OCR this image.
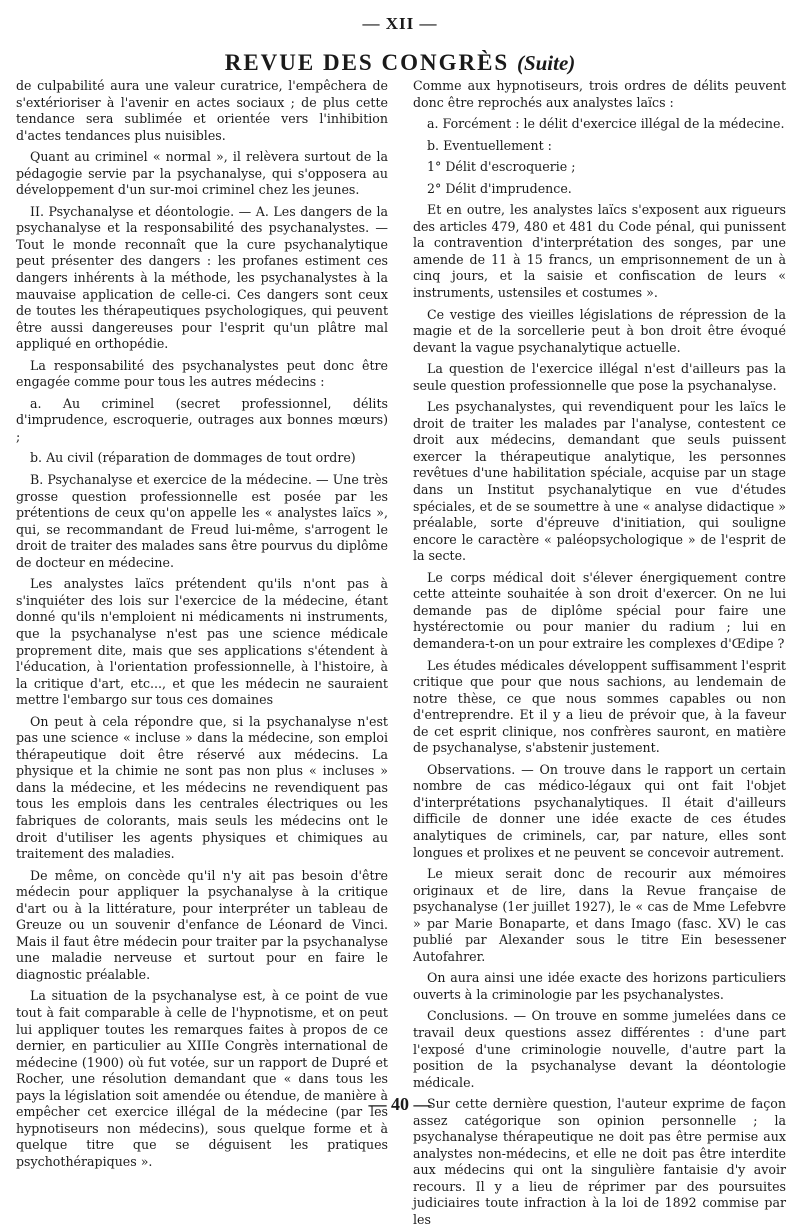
— XII —
REVUE DES CONGRÈS (Suite)

de culpabilité aura une valeur curatrice, l'empêchera de s'extérioriser à l'avenir en actes sociaux ; de plus cette tendance sera sublimée et orientée vers l'inhibition d'actes tendances plus nuisibles.

Quant au criminel « normal », il relèvera surtout de la pédagogie servie par la psychanalyse, qui s'opposera au développement d'un sur-moi criminel chez les jeunes.

II. Psychanalyse et déontologie. — A. Les dangers de la psychanalyse et la responsabilité des psychanalystes. — Tout le monde reconnaît que la cure psychanalytique peut présenter des dangers : les profanes estiment ces dangers inhérents à la méthode, les psychanalystes à la mauvaise application de celle-ci. Ces dangers sont ceux de toutes les thérapeutiques psychologiques, qui peuvent être aussi dangereuses pour l'esprit qu'un plâtre mal appliqué en orthopédie.

La responsabilité des psychanalystes peut donc être engagée comme pour tous les autres médecins :

a. Au criminel (secret professionnel, délits d'imprudence, escroquerie, outrages aux bonnes mœurs) ;

b. Au civil (réparation de dommages de tout ordre)

B. Psychanalyse et exercice de la médecine. — Une très grosse question professionnelle est posée par les prétentions de ceux qu'on appelle les « analystes laïcs », qui, se recommandant de Freud lui-même, s'arrogent le droit de traiter des malades sans être pourvus du diplôme de docteur en médecine.

Les analystes laïcs prétendent qu'ils n'ont pas à s'inquiéter des lois sur l'exercice de la médecine, étant donné qu'ils n'emploient ni médicaments ni instruments, que la psychanalyse n'est pas une science médicale proprement dite, mais que ses applications s'étendent à l'éducation, à l'orientation professionnelle, à l'histoire, à la critique d'art, etc..., et que les médecin ne sauraient mettre l'embargo sur tous ces domaines

On peut à cela répondre que, si la psychanalyse n'est pas une science « incluse » dans la médecine, son emploi thérapeutique doit être réservé aux médecins. La physique et la chimie ne sont pas non plus « incluses » dans la médecine, et les médecins ne revendiquent pas tous les emplois dans les centrales électriques ou les fabriques de colorants, mais seuls les médecins ont le droit d'utiliser les agents physiques et chimiques au traitement des maladies.

De même, on concède qu'il n'y ait pas besoin d'être médecin pour appliquer la psychanalyse à la critique d'art ou à la littérature, pour interpréter un tableau de Greuze ou un souvenir d'enfance de Léonard de Vinci. Mais il faut être médecin pour traiter par la psychanalyse une maladie nerveuse et surtout pour en faire le diagnostic préalable.

La situation de la psychanalyse est, à ce point de vue tout à fait comparable à celle de l'hypnotisme, et on peut lui appliquer toutes les remarques faites à propos de ce dernier, en particulier au XIIIe Congrès international de médecine (1900) où fut votée, sur un rapport de Dupré et Rocher, une résolution demandant que « dans tous les pays la législation soit amendée ou étendue, de manière à empêcher cet exercice illégal de la médecine (par les hypnotiseurs non médecins), sous quelque forme et à quelque titre que se déguisent les pratiques psychothérapiques ».

Comme aux hypnotiseurs, trois ordres de délits peuvent donc être reprochés aux analystes laïcs :

a. Forcément : le délit d'exercice illégal de la médecine.

b. Eventuellement :

1° Délit d'escroquerie ;

2° Délit d'imprudence.

Et en outre, les analystes laïcs s'exposent aux rigueurs des articles 479, 480 et 481 du Code pénal, qui punissent la contravention d'interprétation des songes, par une amende de 11 à 15 francs, un emprisonnement de un à cinq jours, et la saisie et confiscation de leurs « instruments, ustensiles et costumes ».

Ce vestige des vieilles législations de répression de la magie et de la sorcellerie peut à bon droit être évoqué devant la vague psychanalytique actuelle.

La question de l'exercice illégal n'est d'ailleurs pas la seule question professionnelle que pose la psychanalyse.

Les psychanalystes, qui revendiquent pour les laïcs le droit de traiter les malades par l'analyse, contestent ce droit aux médecins, demandant que seuls puissent exercer la thérapeutique analytique, les personnes revêtues d'une habilitation spéciale, acquise par un stage dans un Institut psychanalytique en vue d'études spéciales, et de se soumettre à une « analyse didactique » préalable, sorte d'épreuve d'initiation, qui souligne encore le caractère « paléopsychologique » de l'esprit de la secte.

Le corps médical doit s'élever énergiquement contre cette atteinte souhaitée à son droit d'exercer. On ne lui demande pas de diplôme spécial pour faire une hystérectomie ou pour manier du radium ; lui en demandera-t-on un pour extraire les complexes d'Œdipe ?

Les études médicales développent suffisamment l'esprit critique que pour que nous sachions, au lendemain de notre thèse, ce que nous sommes capables ou non d'entreprendre. Et il y a lieu de prévoir que, à la faveur de cet esprit clinique, nos confrères sauront, en matière de psychanalyse, s'abstenir justement.

Observations. — On trouve dans le rapport un certain nombre de cas médico-légaux qui ont fait l'objet d'interprétations psychanalytiques. Il était d'ailleurs difficile de donner une idée exacte de ces études analytiques de criminels, car, par nature, elles sont longues et prolixes et ne peuvent se concevoir autrement.

Le mieux serait donc de recourir aux mémoires originaux et de lire, dans la Revue française de psychanalyse (1er juillet 1927), le « cas de Mme Lefebvre » par Marie Bonaparte, et dans Imago (fasc. XV) le cas publié par Alexander sous le titre Ein besessener Autofahrer.

On aura ainsi une idée exacte des horizons particuliers ouverts à la criminologie par les psychanalystes.

Conclusions. — On trouve en somme jumelées dans ce travail deux questions assez différentes : d'une part l'exposé d'une criminologie nouvelle, d'autre part la position de la psychanalyse devant la déontologie médicale.

Sur cette dernière question, l'auteur exprime de façon assez catégorique son opinion personnelle ; la psychanalyse thérapeutique ne doit pas être permise aux analystes non-médecins, et elle ne doit pas être interdite aux médecins qui ont la singulière fantaisie d'y avoir recours. Il y a lieu de réprimer par des poursuites judiciaires toute infraction à la loi de 1892 commise par les

— 40 —
